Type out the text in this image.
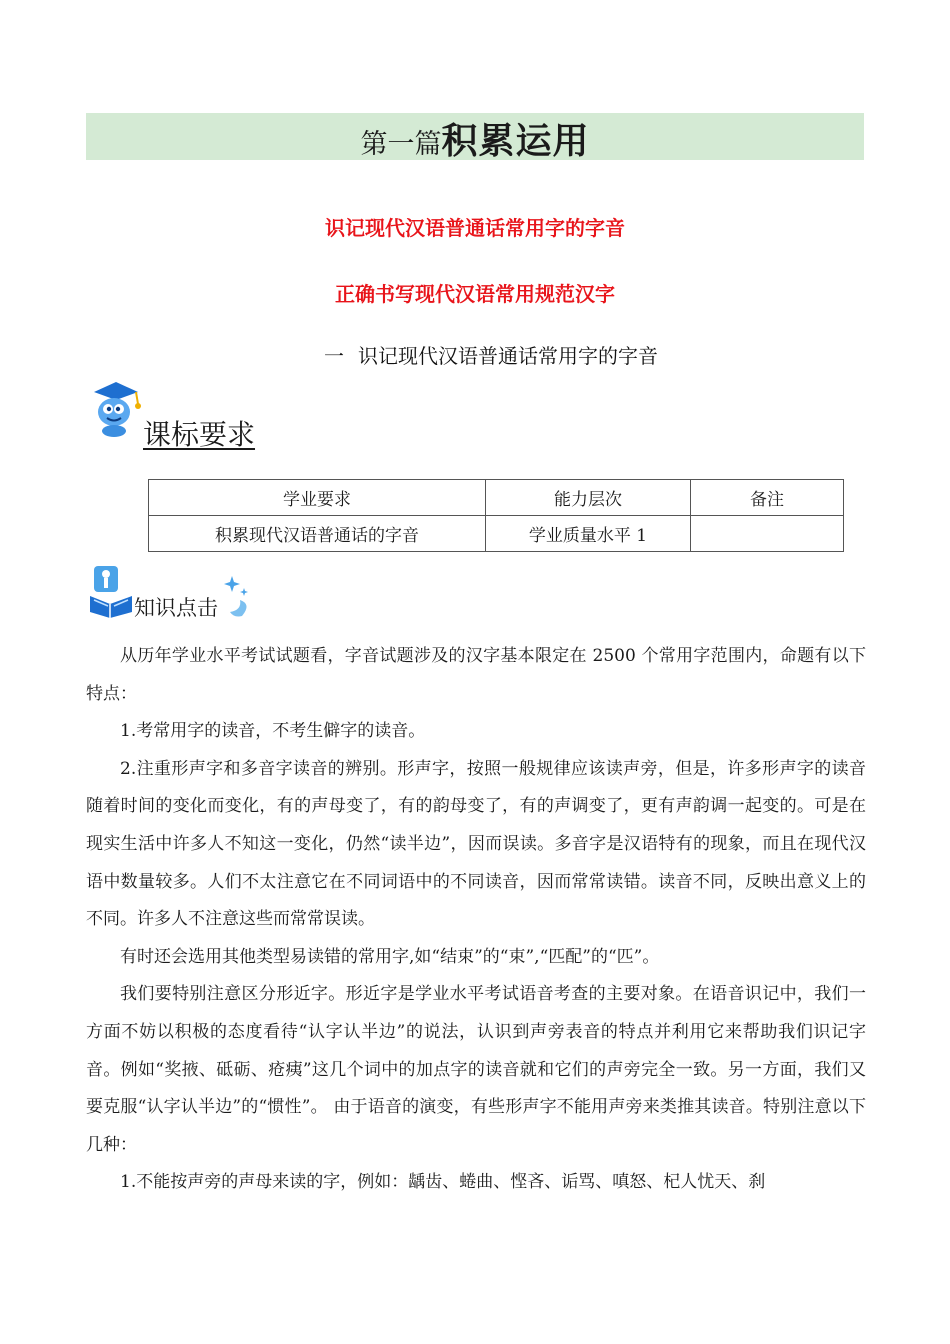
第一篇积累运用
识记现代汉语普通话常用字的字音
正确书写现代汉语常用规范汉字
一 识记现代汉语普通话常用字的字音
课标要求
学业要求	能力层次	备注
积累现代汉语普通话的字音	学业质量水平 1	
知识点击

从历年学业水平考试试题看，字音试题涉及的汉字基本限定在 2500 个常用字范围内，命题有以下特点：

1.考常用字的读音，不考生僻字的读音。

2.注重形声字和多音字读音的辨别。形声字，按照一般规律应该读声旁，但是，许多形声字的读音随着时间的变化而变化，有的声母变了，有的韵母变了，有的声调变了，更有声韵调一起变的。可是在现实生活中许多人不知这一变化，仍然“读半边”，因而误读。多音字是汉语特有的现象，而且在现代汉语中数量较多。人们不太注意它在不同词语中的不同读音，因而常常读错。读音不同，反映出意义上的不同。许多人不注意这些而常常误读。

有时还会选用其他类型易读错的常用字,如“结束”的“束”,“匹配”的“匹”。

我们要特别注意区分形近字。形近字是学业水平考试语音考查的主要对象。在语音识记中，我们一方面不妨以积极的态度看待“认字认半边”的说法，认识到声旁表音的特点并利用它来帮助我们识记字音。例如“奖掖、砥砺、疮痍”这几个词中的加点字的读音就和它们的声旁完全一致。另一方面，我们又要克服“认字认半边”的“惯性”。 由于语音的演变，有些形声字不能用声旁来类推其读音。特别注意以下几种：

1.不能按声旁的声母来读的字，例如：龋齿、蜷曲、悭吝、诟骂、嗔怒、杞人忧天、刹
